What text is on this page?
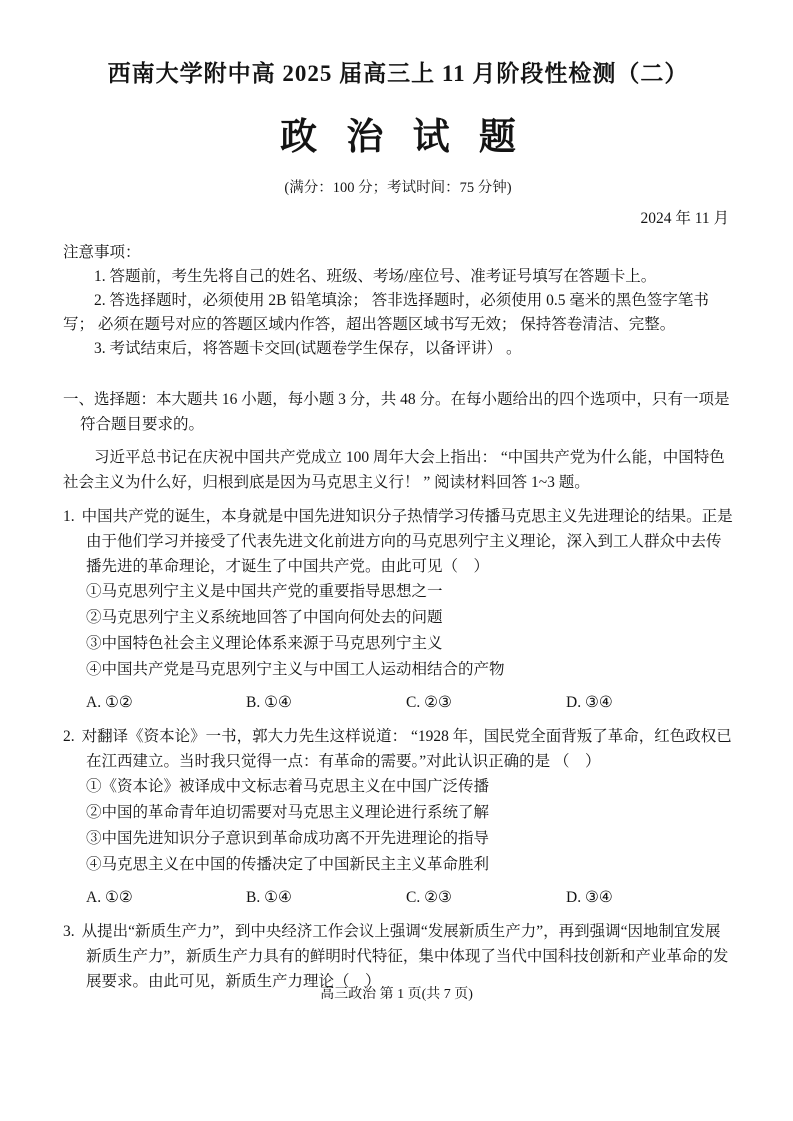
西南大学附中高 2025 届高三上 11 月阶段性检测（二）
政 治 试 题
(满分：100 分；考试时间：75 分钟)
2024 年 11 月
注意事项：

1. 答题前，考生先将自己的姓名、班级、考场/座位号、准考证号填写在答题卡上。

2. 答选择题时，必须使用 2B 铅笔填涂； 答非选择题时，必须使用 0.5 毫米的黑色签字笔书写； 必须在题号对应的答题区域内作答，超出答题区域书写无效； 保持答卷清洁、完整。

3. 考试结束后，将答题卡交回(试题卷学生保存，以备评讲） 。

一、选择题：本大题共 16 小题，每小题 3 分，共 48 分。在每小题给出的四个选项中，只有一项是符合题目要求的。

习近平总书记在庆祝中国共产党成立 100 周年大会上指出： “中国共产党为什么能，中国特色社会主义为什么好，归根到底是因为马克思主义行！ ” 阅读材料回答 1~3 题。

1. 中国共产党的诞生，本身就是中国先进知识分子热情学习传播马克思主义先进理论的结果。正是由于他们学习并接受了代表先进文化前进方向的马克思列宁主义理论，深入到工人群众中去传播先进的革命理论，才诞生了中国共产党。由此可见（　）

①马克思列宁主义是中国共产党的重要指导思想之一
②马克思列宁主义系统地回答了中国向何处去的问题
③中国特色社会主义理论体系来源于马克思列宁主义
④中国共产党是马克思列宁主义与中国工人运动相结合的产物
A. ①②	B. ①④	C. ②③	D. ③④

2. 对翻译《资本论》一书，郭大力先生这样说道： “1928 年，国民党全面背叛了革命，红色政权已在江西建立。当时我只觉得一点：有革命的需要。”对此认识正确的是 （　）

①《资本论》被译成中文标志着马克思主义在中国广泛传播
②中国的革命青年迫切需要对马克思主义理论进行系统了解
③中国先进知识分子意识到革命成功离不开先进理论的指导
④马克思主义在中国的传播决定了中国新民主主义革命胜利
A. ①②	B. ①④	C. ②③	D. ③④

3. 从提出“新质生产力”，到中央经济工作会议上强调“发展新质生产力”，再到强调“因地制宜发展新质生产力”，新质生产力具有的鲜明时代特征，集中体现了当代中国科技创新和产业革命的发展要求。由此可见，新质生产力理论（　）

高三政治 第 1 页(共 7 页)
